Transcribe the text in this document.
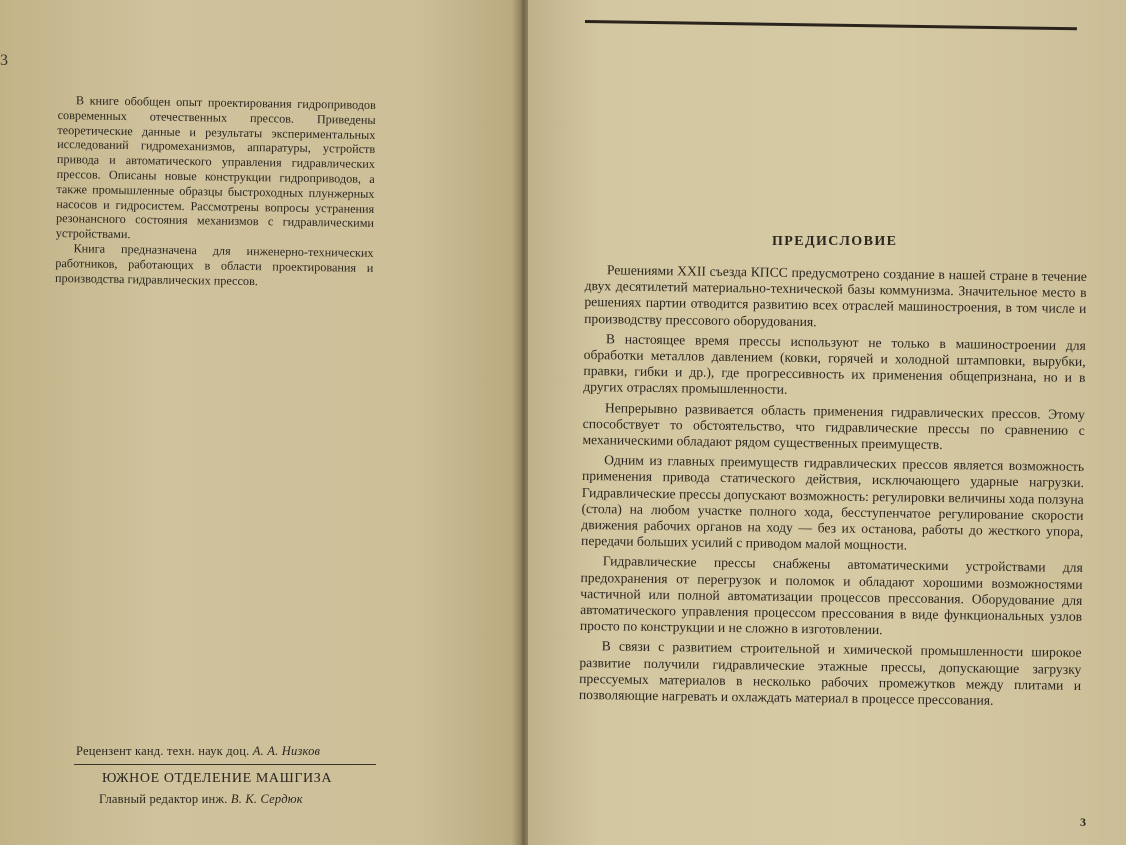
3

В книге обобщен опыт проектирования гидроприводов современных отечественных прессов. Приведены теоретические данные и результаты экспериментальных исследований гидромеханизмов, аппаратуры, устройств привода и автоматического управления гидравлических прессов. Описаны новые конструкции гидроприводов, а также промышленные образцы быстроходных плунжерных насосов и гидросистем. Рассмотрены вопросы устранения резонансного состояния механизмов с гидравлическими устройствами.

Книга предназначена для инженерно-технических работников, работающих в области проектирования и производства гидравлических прессов.

Рецензент канд. техн. наук доц. А. А. Низков
ЮЖНОЕ ОТДЕЛЕНИЕ МАШГИЗА
Главный редактор инж. В. К. Сердюк
ПРЕДИСЛОВИЕ

Решениями XXII съезда КПСС предусмотрено создание в нашей стране в течение двух десятилетий материально-технической базы коммунизма. Значительное место в решениях партии отводится развитию всех отраслей машиностроения, в том числе и производству прессового оборудования.

В настоящее время прессы используют не только в машиностроении для обработки металлов давлением (ковки, горячей и холодной штамповки, вырубки, правки, гибки и др.), где прогрессивность их применения общепризнана, но и в других отраслях промышленности.

Непрерывно развивается область применения гидравлических прессов. Этому способствует то обстоятельство, что гидравлические прессы по сравнению с механическими обладают рядом существенных преимуществ.

Одним из главных преимуществ гидравлических прессов является возможность применения привода статического действия, исключающего ударные нагрузки. Гидравлические прессы допускают возможность: регулировки величины хода ползуна (стола) на любом участке полного хода, бесступенчатое регулирование скорости движения рабочих органов на ходу — без их останова, работы до жесткого упора, передачи больших усилий с приводом малой мощности.

Гидравлические прессы снабжены автоматическими устройствами для предохранения от перегрузок и поломок и обладают хорошими возможностями частичной или полной автоматизации процессов прессования. Оборудование для автоматического управления процессом прессования в виде функциональных узлов просто по конструкции и не сложно в изготовлении.

В связи с развитием строительной и химической промышленности широкое развитие получили гидравлические этажные прессы, допускающие загрузку прессуемых материалов в несколько рабочих промежутков между плитами и позволяющие нагревать и охлаждать материал в процессе прессования.

3
